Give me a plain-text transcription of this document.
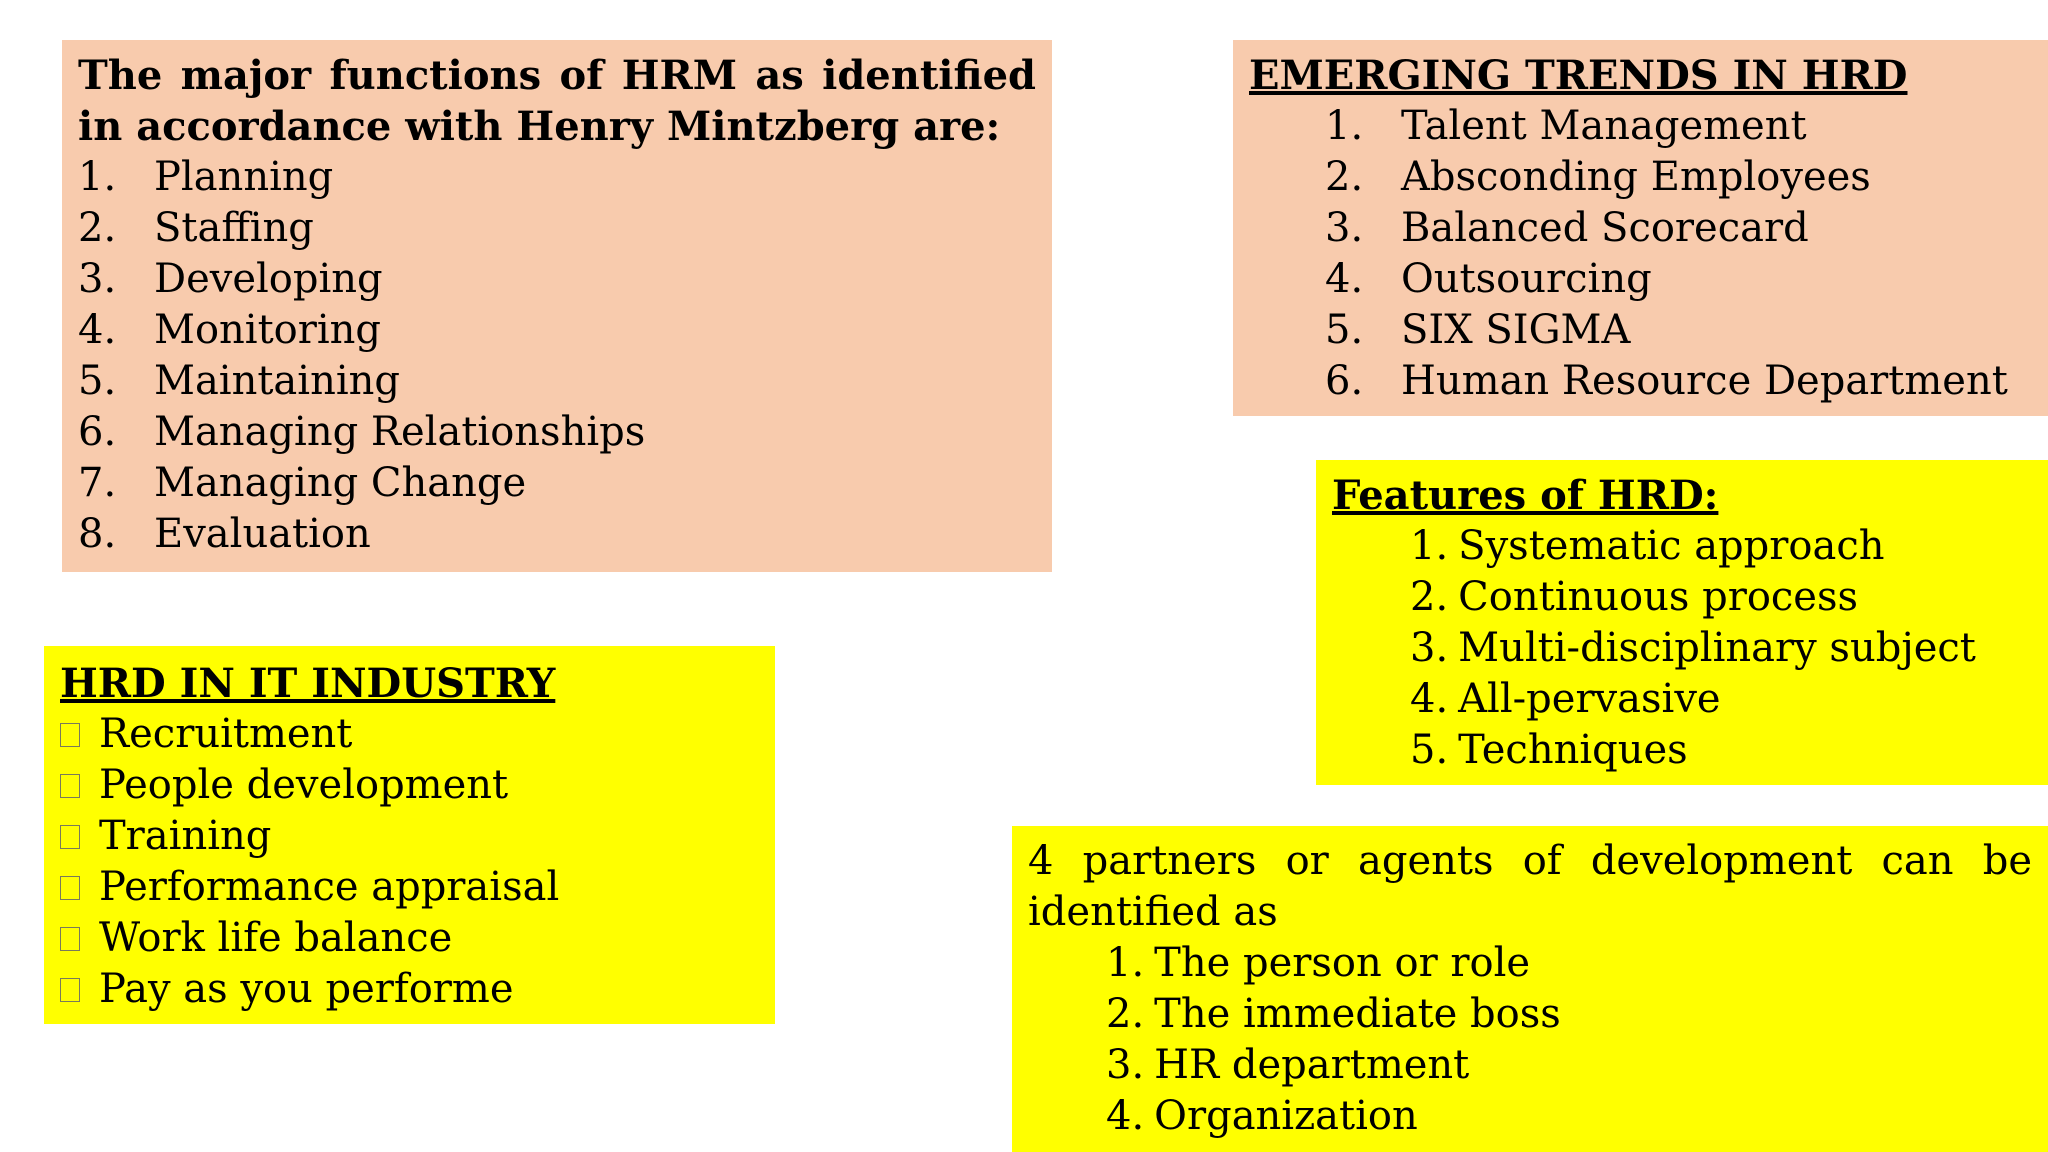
The major functions of HRM as identified in accordance with Henry Mintzberg are:
1. Planning
2. Staffing
3. Developing
4. Monitoring
5. Maintaining
6. Managing Relationships
7. Managing Change
8. Evaluation
EMERGING TRENDS IN HRD
1. Talent Management
2. Absconding Employees
3. Balanced Scorecard
4. Outsourcing
5. SIX SIGMA
6. Human Resource Department
Features of HRD:
1. Systematic approach
2. Continuous process
3. Multi-disciplinary subject
4. All-pervasive
5. Techniques
HRD IN IT INDUSTRY
Recruitment
People development
Training
Performance appraisal
Work life balance
Pay as you performe
4 partners or agents of development can be identified as
1. The person or role
2. The immediate boss
3. HR department
4. Organization
